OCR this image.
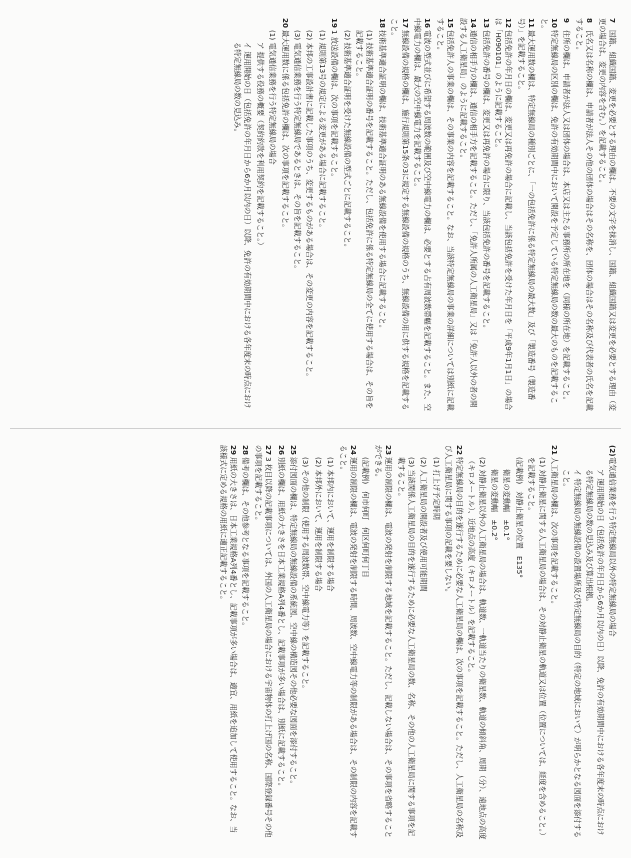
7国籍、組織国籍、変更を必要とする理由の欄は、不要の文字を抹消し、国籍、組織国籍又は変更を必要とする理由（変更の場合は、変更の内容を含む。）を記載すること。
8氏名又は名称の欄は、申請者が法人その他の団体の場合はその名称を、団体の場合はその名称及び代表者の氏名を記載すること。
9住所の欄は、申請者が法人又は団体の場合は、本店又は主たる事務所の所在地を（同様の所在地）を記載すること。
10特定無線局の区別の欄は、免許の有効期間中において開設を予定している特定無線局の数の最大のものを記載すること。
11最大運用数の欄は、特定無線局の種別ごとに、「一の包括免許に係る特定無線局の最大数」及び「製造番号（製造番号）」を記載すること。
12包括免許の年月日の欄は、変更又は再免許の場合に記載し、当該包括免許を受けた年月日を「平成9年1月1日」の場合は「H090101」のように記載すること。
13包括免許の番号の欄は、変更又は再免許の場合に限り、当該包括免許の番号を記載すること。
14通信の相手方の欄は、通信の相手方を記載すること。ただし、「免許人所属の人工衛星局」又は「免許人以外の者の開設する人工衛星局」のように記載すること。
15包括免許人の事業の欄は、その事業の内容を記載すること。なお、当該特定無線局の事業の詳細については別紙に記載すること。
16電波の型式並びに希望する周波数の範囲及び空中線電力の欄は、必要とする占有周波数帯幅を記載すること。また、空中線電力の欄は、最大の空中線電力を記載すること。
17無線設備の規格の欄は、施行規則第15条の3に規定する無線設備の規格のうち、無線設備の用に供する規格を記載すること。
18技術基準適合証明の欄は、技術基準適合証明のある無線設備を使用する場合に記載すること。
(1) 技術基準適合証明の番号を記載すること。ただし、包括免許に係る特定無線局の全てに使用する場合は、その旨を記載すること。
(2) 技術基準適合証明を受けた無線設備の型式ごとに記載すること。
191 放送設備の欄は、次の事項を記載すること。
(1) 規則第13号の規定による変更がある場合に記載すること。
(2) 本邦の工事設計書に記載した事項のうち、変更するものがある場合は、その変更の内容を記載すること。
(3) 電気通信業務を行う特定無線局であるときは、その旨を記載すること。
20最大運用数に係る包括免許の欄は、次の事項を記載すること。
(1) 電気通信業務を行う特定無線局の場合
ア 提供する役務の概要（契約約款を利用契約を記載すること。）
イ 運用開始の日（包括免許の年月日から6か月以内の日）以降、免許の有効期間中における各年度末の時点における特定無線局の数の見込み。
(2)電気通信業務を行う特定無線局以外の特定無線局の場合
ア 運用開始の日（包括免許の年月日から6か月以内の日）以降、免許の有効期間中における各年度末の時点における特定無線局の数の見込み及び算出根拠。
イ 特定無線局の無線設備の設置場所及び特定無線局の目的（特定の地域において）が明らかとなる図面を添付すること。
21人工衛星局の欄は、次の事項を記載すること。
(1) 対静止衛星に関する人工衛星局の場合は、その対静止衛星の軌道又は位置（位置については、経度を含めること。）を記載すること。
(記載例)　対静止衛星の位置　E135°
衛星の変動幅　±0.1°
衛星の変動幅　±0.2°
(2) 対静止衛星以外の人工衛星局の場合は、軌道数、一軌道当たりの衛星数、軌道の傾斜角、周期（分）、遠地点の高度（キロメートル）、近地点の高度（キロメートル）を記載すること。
22特定無線局の目的を遂行するために必要な人工衛星局の欄は、次の事項を記載すること。ただし、人工衛星局の名称及び人工衛星局に関する事項の記載を要しない。
(1) 打上げ予定時期
(2) 人工衛星局の開設者及び使用可能期間
(3) 当該関係人工衛星局の目的を遂行するために必要な人工衛星局の数、名称、その他の人工衛星局に関する事項を記載すること。
23運用の制限の欄は、電波の発射を制限する地域を記載すること。ただし、記載しない場合は、その事項を省略することができる。
(記載例)　何市何町　何区何町何丁目
24運用の制限の欄は、電波の発射を制限する時間、周波数、空中線電力等の制限がある場合は、その制限の内容を記載すること。
(1) 本邦内において、運用を制限する場合
(2) 本邦外において、運用を制限する場合
(3) その他の制限（使用する周波数帯、空中線電力等）を記載すること。
25添付図面の欄は、特定無線局の無線設備の系統図、空中線の構造図その他必要な図面を添付すること。
26別紙の欄は、用紙の大きさを日本工業規格A列4番とし、記載事項が多い場合は、別紙に記載すること。
273 枚目以降の記載事項については、外国の人工衛星局の場合における宇宙物体の打上げ国の名称、国際登録番号その他の事項を記載すること。
28備考の欄は、その他参考となる事項を記載すること。
29用紙の大きさは、日本工業規格A列4番とし、記載事項が多い場合は、適宜、用紙を追加して使用すること。なお、当該様式に定める規格の用紙に適正記載すること。
